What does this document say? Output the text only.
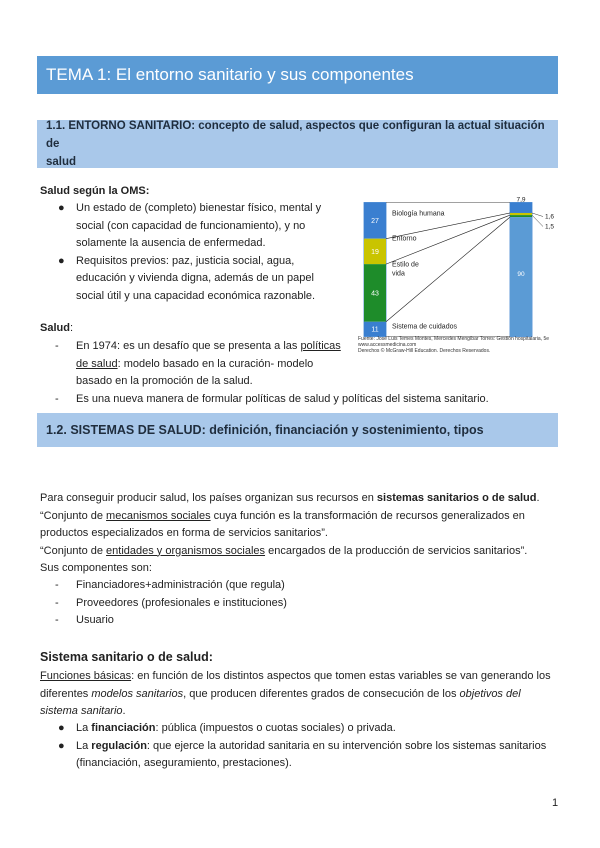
TEMA 1: El entorno sanitario y sus componentes
1.1. ENTORNO SANITARIO: concepto de salud, aspectos que configuran la actual situación de
salud
Salud según la OMS:
● Un estado de (completo) bienestar físico, mental y
social (con capacidad de funcionamiento), y no
solamente la ausencia de enfermedad.
● Requisitos previos: paz, justicia social, agua,
educación y vivienda digna, además de un papel
social útil y una capacidad económica razonable.
Salud:
- En 1974: es un desafío que se presenta a las políticas
de salud: modelo basado en la curación- modelo
basado en la promoción de la salud.
- Es una nueva manera de formular políticas de salud y políticas del sistema sanitario.
27
19
43
11
Biología humana
Entorno
Estilo de
vida
Sistema de cuidados
7,9
1,6
1,5
90
Fuente: José Luis Temes Montes, Mercedes Mengíbar Torres: Gestión hospitalaria, 5e
www.accessmedicina.com
Derechos © McGraw-Hill Education. Derechos Reservados.
1.2. SISTEMAS DE SALUD: definición, financiación y sostenimiento, tipos
Para conseguir producir salud, los países organizan sus recursos en sistemas sanitarios o de salud.
“Conjunto de mecanismos sociales cuya función es la transformación de recursos generalizados en
productos especializados en forma de servicios sanitarios”.
“Conjunto de entidades y organismos sociales encargados de la producción de servicios sanitarios”.
Sus componentes son:
- Financiadores+administración (que regula)
- Proveedores (profesionales e instituciones)
- Usuario
Sistema sanitario o de salud:
Funciones básicas: en función de los distintos aspectos que tomen estas variables se van generando los
diferentes modelos sanitarios, que producen diferentes grados de consecución de los objetivos del
sistema sanitario.
● La financiación: pública (impuestos o cuotas sociales) o privada.
● La regulación: que ejerce la autoridad sanitaria en su intervención sobre los sistemas sanitarios
(financiación, aseguramiento, prestaciones).
1
